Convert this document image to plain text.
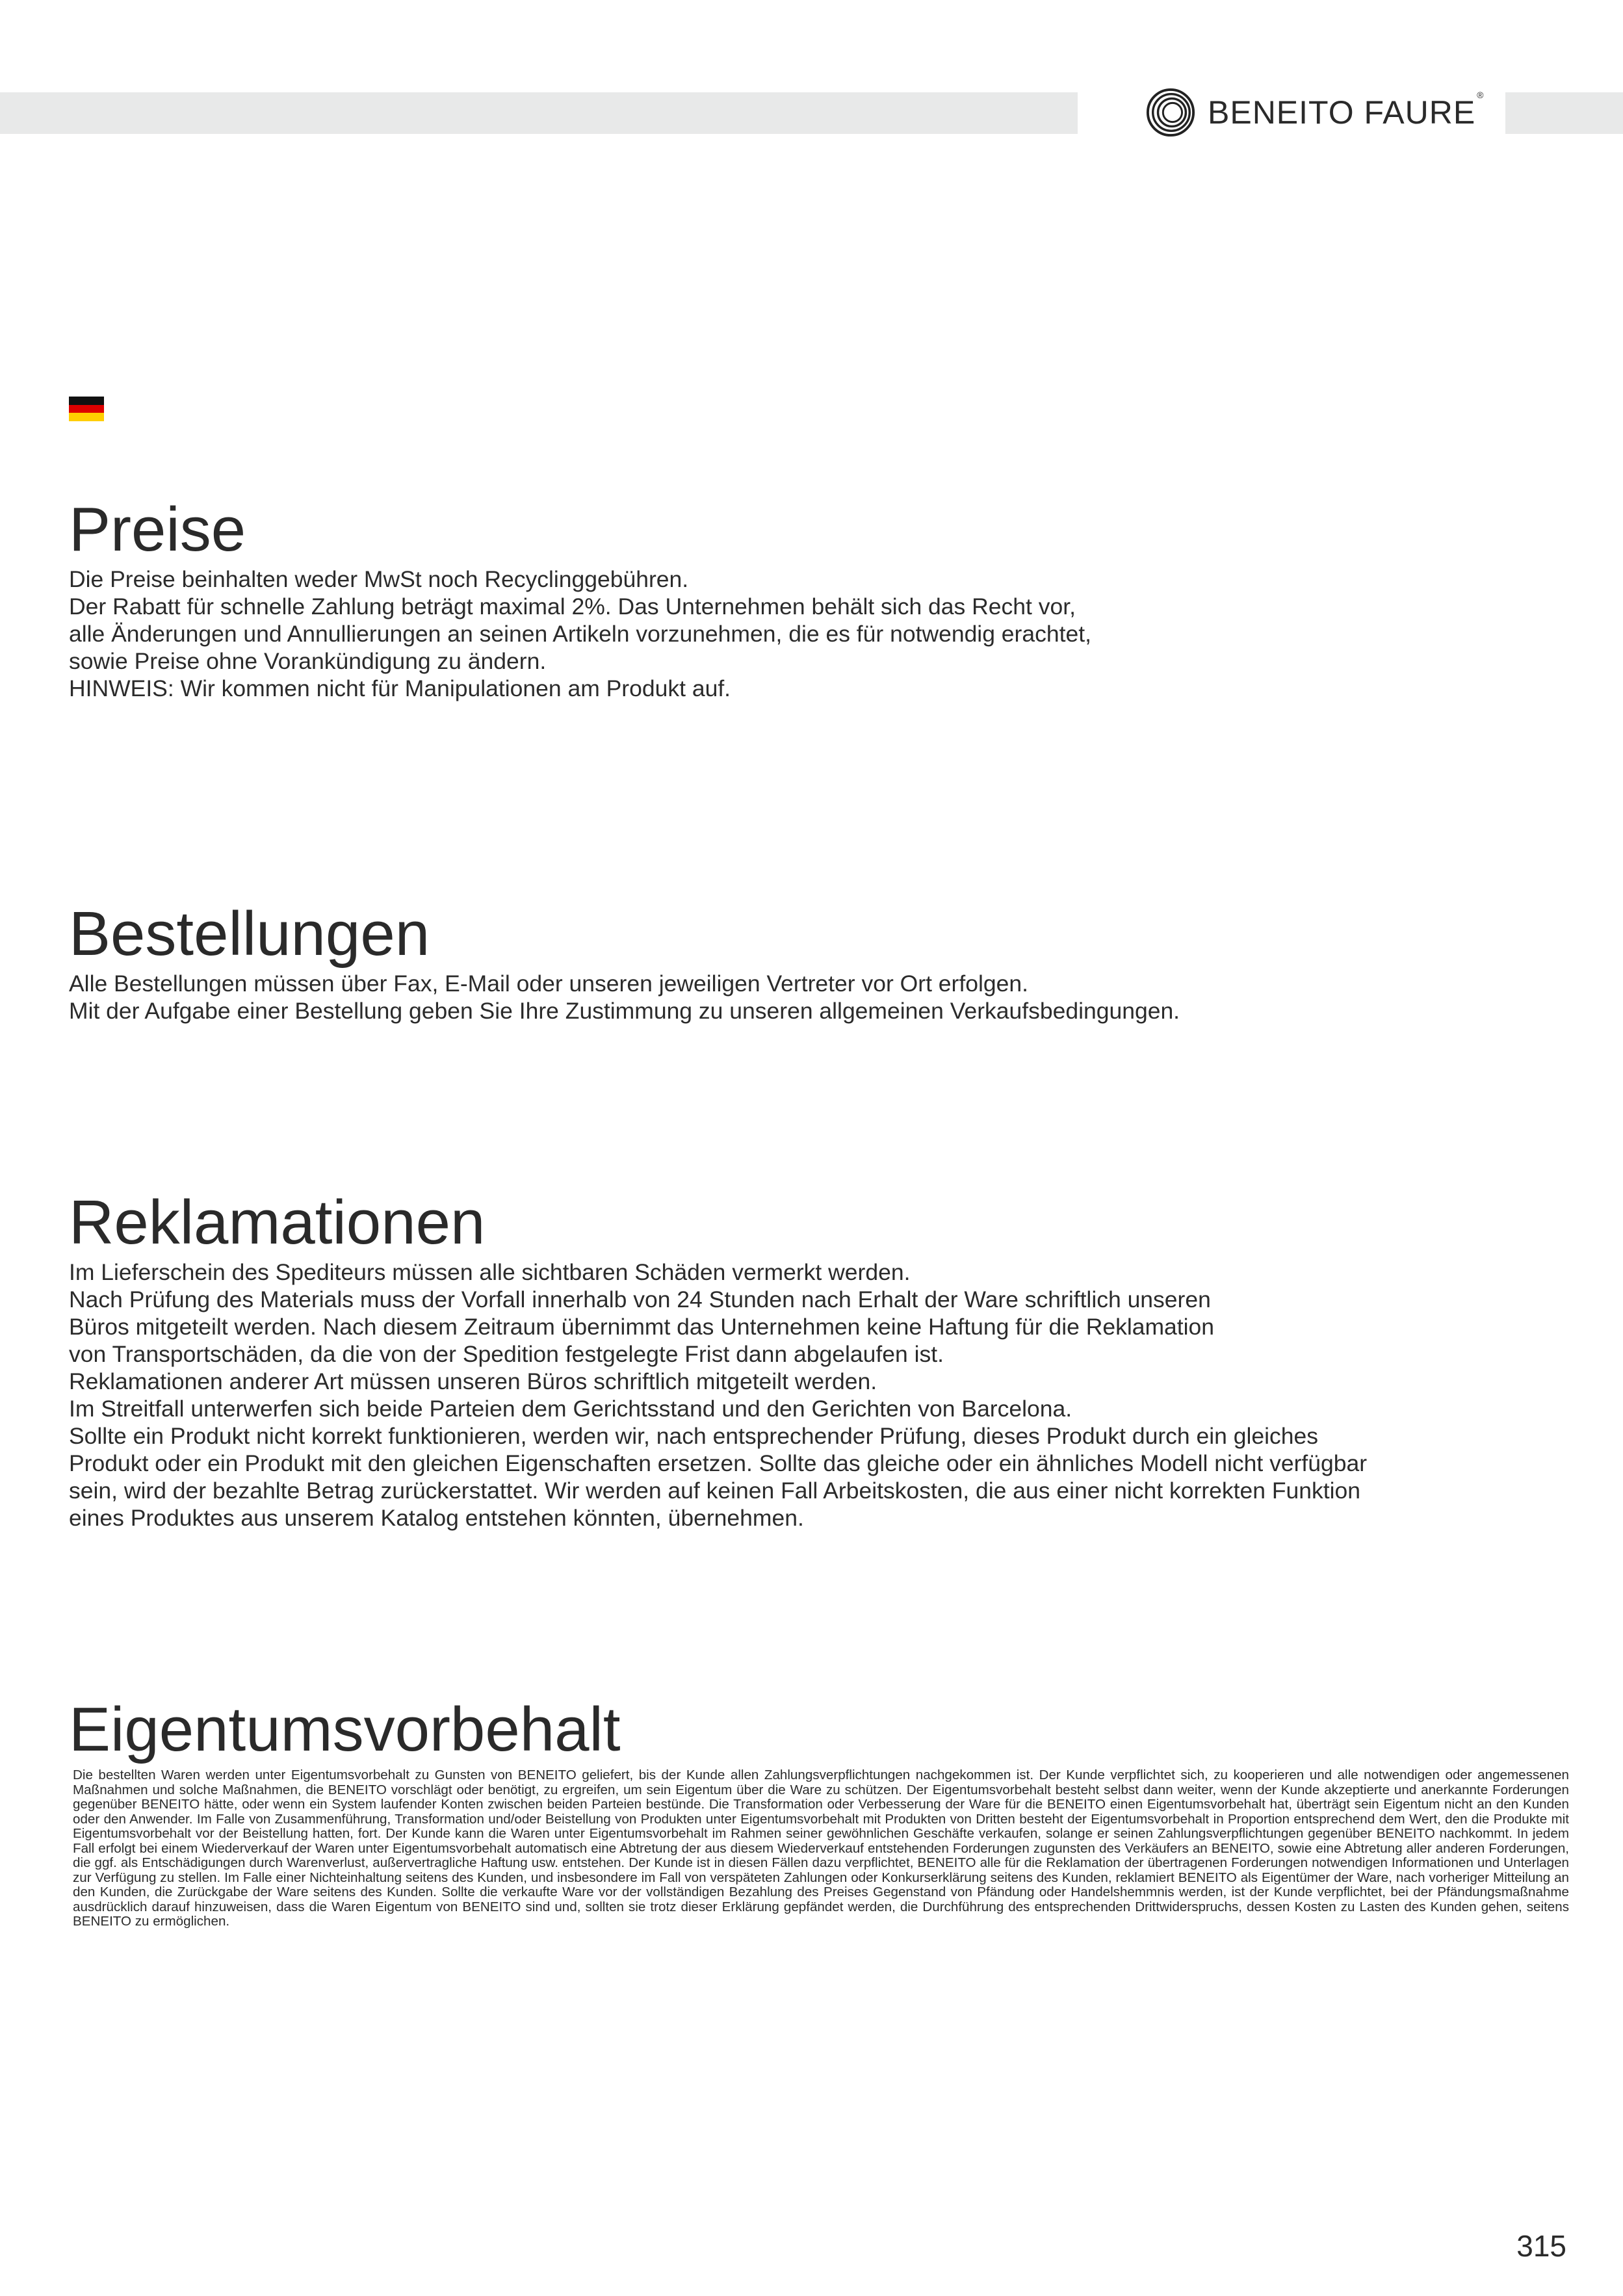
BENEITO FAURE ®
Preise
Die Preise beinhalten weder MwSt noch Recyclinggebühren.
Der Rabatt für schnelle Zahlung beträgt maximal 2%. Das Unternehmen behält sich das Recht vor,
alle Änderungen und Annullierungen an seinen Artikeln vorzunehmen, die es für notwendig erachtet,
sowie Preise ohne Vorankündigung zu ändern.
HINWEIS: Wir kommen nicht für Manipulationen am Produkt auf.
Bestellungen
Alle Bestellungen müssen über Fax, E-Mail oder unseren jeweiligen Vertreter vor Ort erfolgen.
Mit der Aufgabe einer Bestellung geben Sie Ihre Zustimmung zu unseren allgemeinen Verkaufsbedingungen.
Reklamationen
Im Lieferschein des Spediteurs müssen alle sichtbaren Schäden vermerkt werden.
Nach Prüfung des Materials muss der Vorfall innerhalb von 24 Stunden nach Erhalt der Ware schriftlich unseren
Büros mitgeteilt werden. Nach diesem Zeitraum übernimmt das Unternehmen keine Haftung für die Reklamation
von Transportschäden, da die von der Spedition festgelegte Frist dann abgelaufen ist.
Reklamationen anderer Art müssen unseren Büros schriftlich mitgeteilt werden.
Im Streitfall unterwerfen sich beide Parteien dem Gerichtsstand und den Gerichten von Barcelona.
Sollte ein Produkt nicht korrekt funktionieren, werden wir, nach entsprechender Prüfung, dieses Produkt durch ein gleiches
Produkt oder ein Produkt mit den gleichen Eigenschaften ersetzen. Sollte das gleiche oder ein ähnliches Modell nicht verfügbar
sein, wird der bezahlte Betrag zurückerstattet. Wir werden auf keinen Fall Arbeitskosten, die aus einer nicht korrekten Funktion
eines Produktes aus unserem Katalog entstehen könnten, übernehmen.
Eigentumsvorbehalt

Die bestellten Waren werden unter Eigentumsvorbehalt zu Gunsten von BENEITO geliefert, bis der Kunde allen Zahlungsverpflichtungen nachgekommen ist. Der Kunde verpflichtet sich, zu kooperieren und alle notwendigen oder angemessenen Maßnahmen und solche Maßnahmen, die BENEITO vorschlägt oder benötigt, zu ergreifen, um sein Eigentum über die Ware zu schützen. Der Eigentumsvorbehalt besteht selbst dann weiter, wenn der Kunde akzeptierte und anerkannte Forderungen gegenüber BENEITO hätte, oder wenn ein System laufender Konten zwischen beiden Parteien bestünde. Die Transformation oder Verbesserung der Ware für die BENEITO einen Eigentumsvorbehalt hat, überträgt sein Eigentum nicht an den Kunden oder den Anwender. Im Falle von Zusammenführung, Transformation und/oder Beistellung von Produkten unter Eigentumsvorbehalt mit Produkten von Dritten besteht der Eigentumsvorbehalt in Proportion entsprechend dem Wert, den die Produkte mit Eigentumsvorbehalt vor der Beistellung hatten, fort. Der Kunde kann die Waren unter Eigentumsvorbehalt im Rahmen seiner gewöhnlichen Geschäfte verkaufen, solange er seinen Zahlungsverpflichtungen gegenüber BENEITO nachkommt. In jedem Fall erfolgt bei einem Wiederverkauf der Waren unter Eigentumsvorbehalt automatisch eine Abtretung der aus diesem Wiederverkauf entstehenden Forderungen zugunsten des Verkäufers an BENEITO, sowie eine Abtretung aller anderen Forderungen, die ggf. als Entschädigungen durch Warenverlust, außervertragliche Haftung usw. entstehen. Der Kunde ist in diesen Fällen dazu verpflichtet, BENEITO alle für die Reklamation der übertragenen Forderungen notwendigen Informationen und Unterlagen zur Verfügung zu stellen. Im Falle einer Nichteinhaltung seitens des Kunden, und insbesondere im Fall von verspäteten Zahlungen oder Konkurserklärung seitens des Kunden, reklamiert BENEITO als Eigentümer der Ware, nach vorheriger Mitteilung an den Kunden, die Zurückgabe der Ware seitens des Kunden. Sollte die verkaufte Ware vor der vollständigen Bezahlung des Preises Gegenstand von Pfändung oder Handelshemmnis werden, ist der Kunde verpflichtet, bei der Pfändungsmaßnahme ausdrücklich darauf hinzuweisen, dass die Waren Eigentum von BENEITO sind und, sollten sie trotz dieser Erklärung gepfändet werden, die Durchführung des entsprechenden Drittwiderspruchs, dessen Kosten zu Lasten des Kunden gehen, seitens BENEITO zu ermöglichen.

315
